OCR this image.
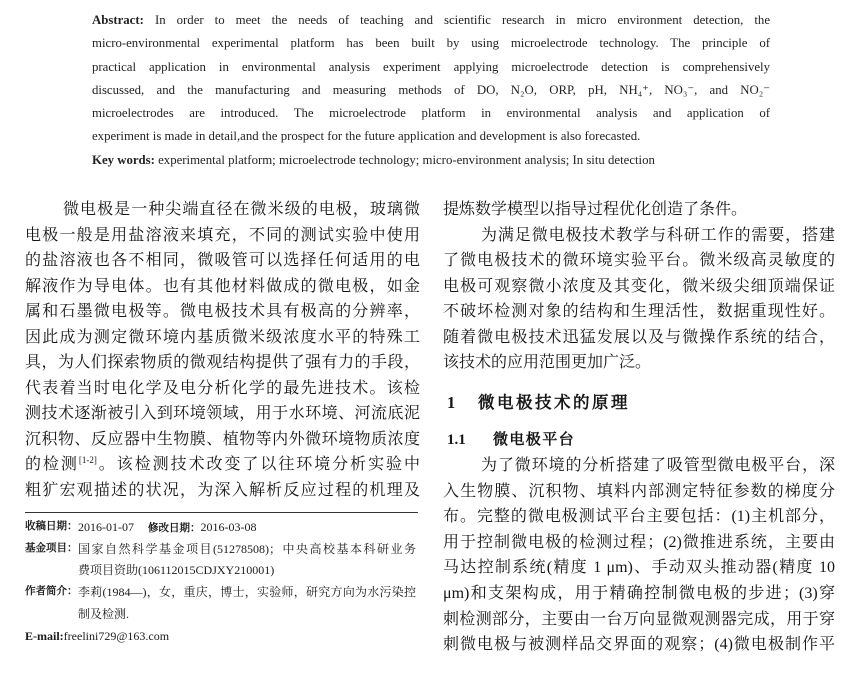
Abstract: In order to meet the needs of teaching and scientific research in micro environment detection, the
micro-environmental experimental platform has been built by using microelectrode technology. The principle of
practical application in environmental analysis experiment applying microelectrode detection is comprehensively
discussed, and the manufacturing and measuring methods of DO, N₂O, ORP, pH, NH₄⁺, NO₃⁻, and NO₂⁻
microelectrodes are introduced. The microelectrode platform in environmental analysis and application of
experiment is made in detail,and the prospect for the future application and development is also forecasted.
Key words: experimental platform; microelectrode technology; micro-environment analysis; In situ detection
微电极是一种尖端直径在微米级的电极，玻璃微
电极一般是用盐溶液来填充，不同的测试实验中使用
的盐溶液也各不相同，微吸管可以选择任何适用的电
解液作为导电体。也有其他材料做成的微电极，如金
属和石墨微电极等。微电极技术具有极高的分辨率，
因此成为测定微环境内基质微米级浓度水平的特殊工
具，为人们探索物质的微观结构提供了强有力的手段，
代表着当时电化学及电分析化学的最先进技术。该检
测技术逐渐被引入到环境领域，用于水环境、河流底泥
沉积物、反应器中生物膜、植物等内外微环境物质浓度
的检测[1-2]。该检测技术改变了以往环境分析实验中
粗犷宏观描述的状况，为深入解析反应过程的机理及
提炼数学模型以指导过程优化创造了条件。
为满足微电极技术教学与科研工作的需要，搭建
了微电极技术的微环境实验平台。微米级高灵敏度的
电极可观察微小浓度及其变化，微米级尖细顶端保证
不破坏检测对象的结构和生理活性，数据重现性好。
随着微电极技术迅猛发展以及与微操作系统的结合，
该技术的应用范围更加广泛。
1 微电极技术的原理
1.1 微电极平台
为了微环境的分析搭建了吸管型微电极平台，深
入生物膜、沉积物、填料内部测定特征参数的梯度分
布。完整的微电极测试平台主要包括：(1)主机部分，
用于控制微电极的检测过程；(2)微推进系统，主要由
马达控制系统(精度 1 μm)、手动双头推动器(精度 10
μm)和支架构成，用于精确控制微电极的步进；(3)穿
刺检测部分，主要由一台万向显微观测器完成，用于穿
刺微电极与被测样品交界面的观察；(4)微电极制作平
收稿日期：2016-01-07 修改日期：2016-03-08
基金项目：国家自然科学基金项目(51278508)；中央高校基本科研业务
费项目资助(106112015CDJXY210001)
作者简介：李莉(1984—)，女，重庆，博士，实验师，研究方向为水污染控
制及检测.
E-mail:freelini729@163.com
